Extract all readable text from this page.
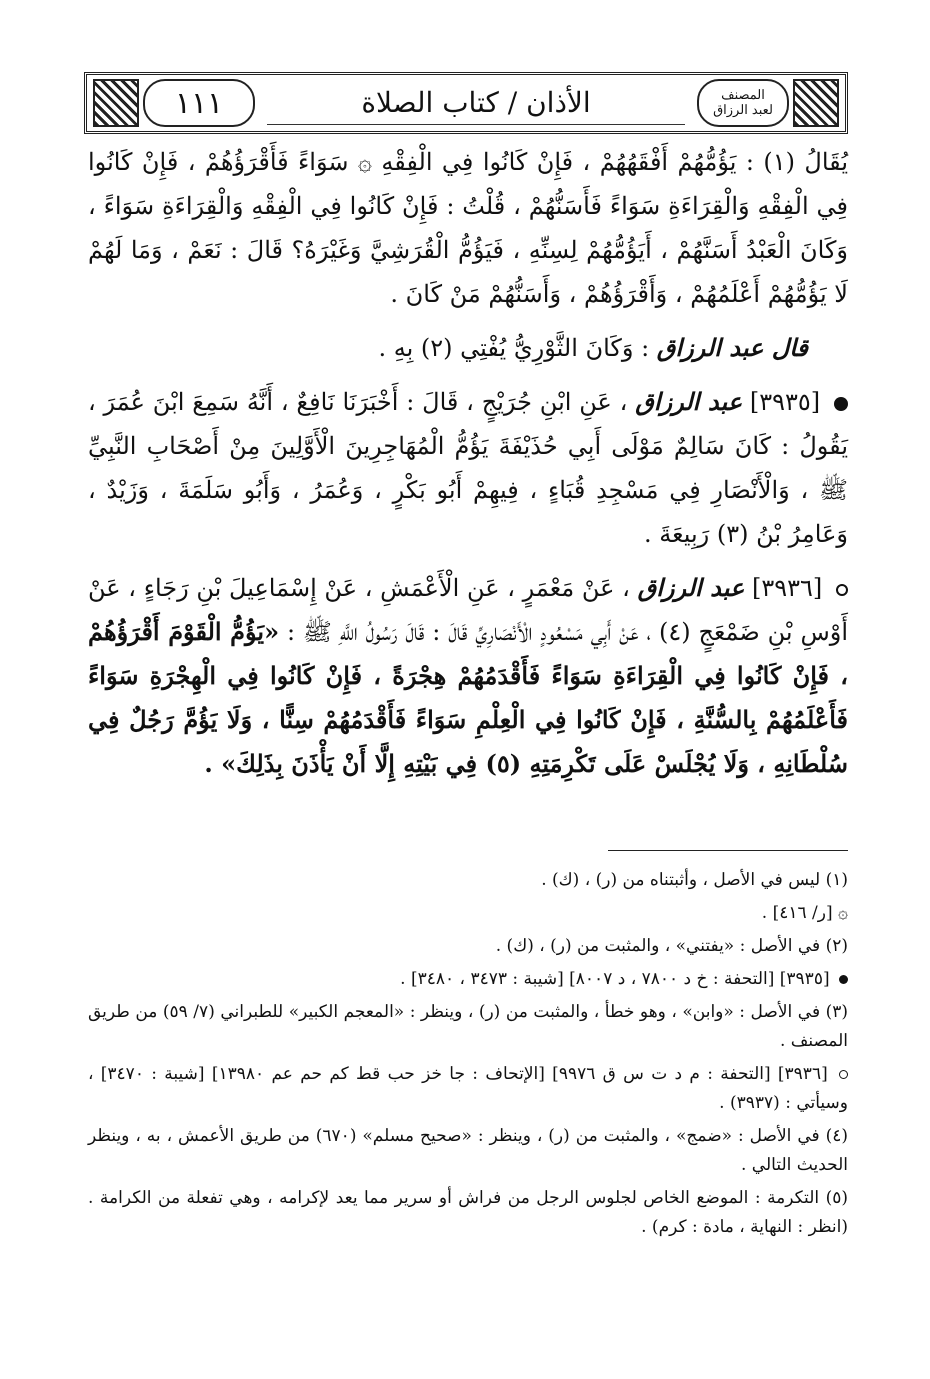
١١١	الأذان / كتاب الصلاة	المصنف
لعبد الرزاق

يُقَالُ (١) : يَؤُمُّهُمْ أَفْقَهُهُمْ ، فَإِنْ كَانُوا فِي الْفِقْهِ ۞ سَوَاءً فَأَقْرَؤُهُمْ ، فَإِنْ كَانُوا فِي الْفِقْهِ وَالْقِرَاءَةِ سَوَاءً فَأَسَنُّهُمْ ، قُلْتُ : فَإِنْ كَانُوا فِي الْفِقْهِ وَالْقِرَاءَةِ سَوَاءً ، وَكَانَ الْعَبْدُ أَسَنَّهُمْ ، أَيَؤُمُّهُمْ لِسِنِّهِ ، فَيَؤُمُّ الْقُرَشِيَّ وَغَيْرَهُ؟ قَالَ : نَعَمْ ، وَمَا لَهُمْ لَا يَؤُمُّهُمْ أَعْلَمُهُمْ ، وَأَقْرَؤُهُمْ ، وَأَسَنُّهُمْ مَنْ كَانَ .

قال عبد الرزاق : وَكَانَ الثَّوْرِيُّ يُفْتِي (٢) بِهِ .

[٣٩٣٥] عبد الرزاق ، عَنِ ابْنِ جُرَيْجٍ ، قَالَ : أَخْبَرَنَا نَافِعٌ ، أَنَّهُ سَمِعَ ابْنَ عُمَرَ ، يَقُولُ : كَانَ سَالِمٌ مَوْلَى أَبِي حُذَيْفَةَ يَؤُمُّ الْمُهَاجِرِينَ الْأَوَّلِينَ مِنْ أَصْحَابِ النَّبِيِّ ﷺ ، وَالْأَنْصَارِ فِي مَسْجِدِ قُبَاءٍ ، فِيهِمْ أَبُو بَكْرٍ ، وَعُمَرُ ، وَأَبُو سَلَمَةَ ، وَزَيْدٌ ، وَعَامِرُ بْنُ (٣) رَبِيعَةَ .

[٣٩٣٦] عبد الرزاق ، عَنْ مَعْمَرٍ ، عَنِ الْأَعْمَشِ ، عَنْ إِسْمَاعِيلَ بْنِ رَجَاءٍ ، عَنْ أَوْسِ بْنِ ضَمْعَجٍ (٤) ، عَنْ أَبِي مَسْعُودٍ الْأَنْصَارِيِّ قَالَ : قَالَ رَسُولُ اللَّهِ ﷺ : «يَؤُمُّ الْقَوْمَ أَقْرَؤُهُمْ ، فَإِنْ كَانُوا فِي الْقِرَاءَةِ سَوَاءً فَأَقْدَمُهُمْ هِجْرَةً ، فَإِنْ كَانُوا فِي الْهِجْرَةِ سَوَاءً فَأَعْلَمُهُمْ بِالسُّنَّةِ ، فَإِنْ كَانُوا فِي الْعِلْمِ سَوَاءً فَأَقْدَمُهُمْ سِنًّا ، وَلَا يَؤُمَّ رَجُلٌ فِي سُلْطَانِهِ ، وَلَا يُجْلَسْ عَلَى تَكْرِمَتِهِ (٥) فِي بَيْتِهِ إِلَّا أَنْ يَأْذَنَ بِذَلِكَ» .

(١) ليس في الأصل ، وأثبتناه من (ر) ، (ك) .

۞ [ر/ ٤١٦] .

(٢) في الأصل : «يفتني» ، والمثبت من (ر) ، (ك) .

[٣٩٣٥] [التحفة : خ د ٧٨٠٠ ، د ٨٠٠٧] [شيبة : ٣٤٧٣ ، ٣٤٨٠] .

(٣) في الأصل : «وابن» ، وهو خطأ ، والمثبت من (ر) ، وينظر : «المعجم الكبير» للطبراني (٧/ ٥٩) من طريق المصنف .

[٣٩٣٦] [التحفة : م د ت س ق ٩٩٧٦] [الإتحاف : جا خز حب قط كم حم عم ١٣٩٨٠] [شيبة : ٣٤٧٠] ، وسيأتي : (٣٩٣٧) .

(٤) في الأصل : «ضمج» ، والمثبت من (ر) ، وينظر : «صحيح مسلم» (٦٧٠) من طريق الأعمش ، به ، وينظر الحديث التالي .

(٥) التكرمة : الموضع الخاص لجلوس الرجل من فراش أو سرير مما يعد لإكرامه ، وهي تفعلة من الكرامة . (انظر : النهاية ، مادة : كرم) .
